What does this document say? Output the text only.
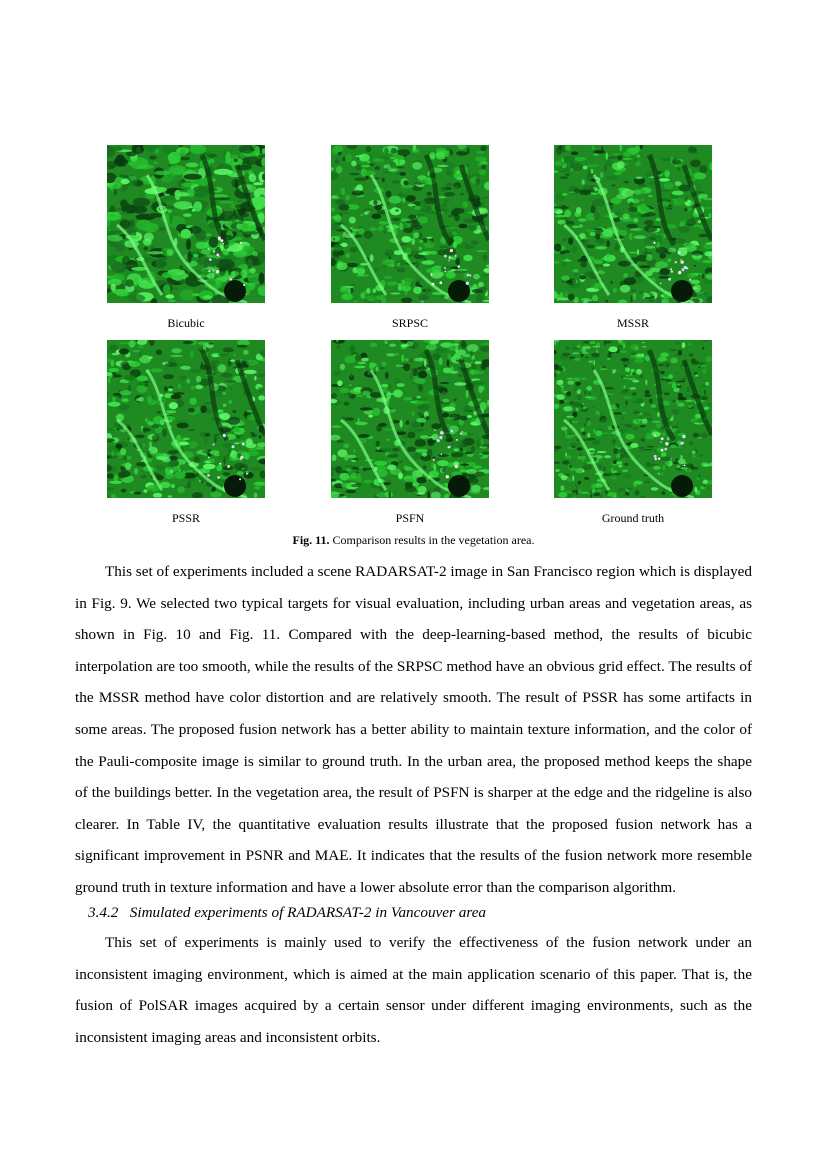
Bicubic	SRPSC	MSSR
PSSR	PSFN	Ground truth
Fig. 11. Comparison results in the vegetation area.

This set of experiments included a scene RADARSAT-2 image in San Francisco region which is displayed in Fig. 9. We selected two typical targets for visual evaluation, including urban areas and vegetation areas, as shown in Fig. 10 and Fig. 11. Compared with the deep-learning-based method, the results of bicubic interpolation are too smooth, while the results of the SRPSC method have an obvious grid effect. The results of the MSSR method have color distortion and are relatively smooth. The result of PSSR has some artifacts in some areas. The proposed fusion network has a better ability to maintain texture information, and the color of the Pauli-composite image is similar to ground truth. In the urban area, the proposed method keeps the shape of the buildings better. In the vegetation area, the result of PSFN is sharper at the edge and the ridgeline is also clearer. In Table IV, the quantitative evaluation results illustrate that the proposed fusion network has a significant improvement in PSNR and MAE. It indicates that the results of the fusion network more resemble ground truth in texture information and have a lower absolute error than the comparison algorithm.

3.4.2 Simulated experiments of RADARSAT-2 in Vancouver area

This set of experiments is mainly used to verify the effectiveness of the fusion network under an inconsistent imaging environment, which is aimed at the main application scenario of this paper. That is, the fusion of PolSAR images acquired by a certain sensor under different imaging environments, such as the inconsistent imaging areas and inconsistent orbits.
